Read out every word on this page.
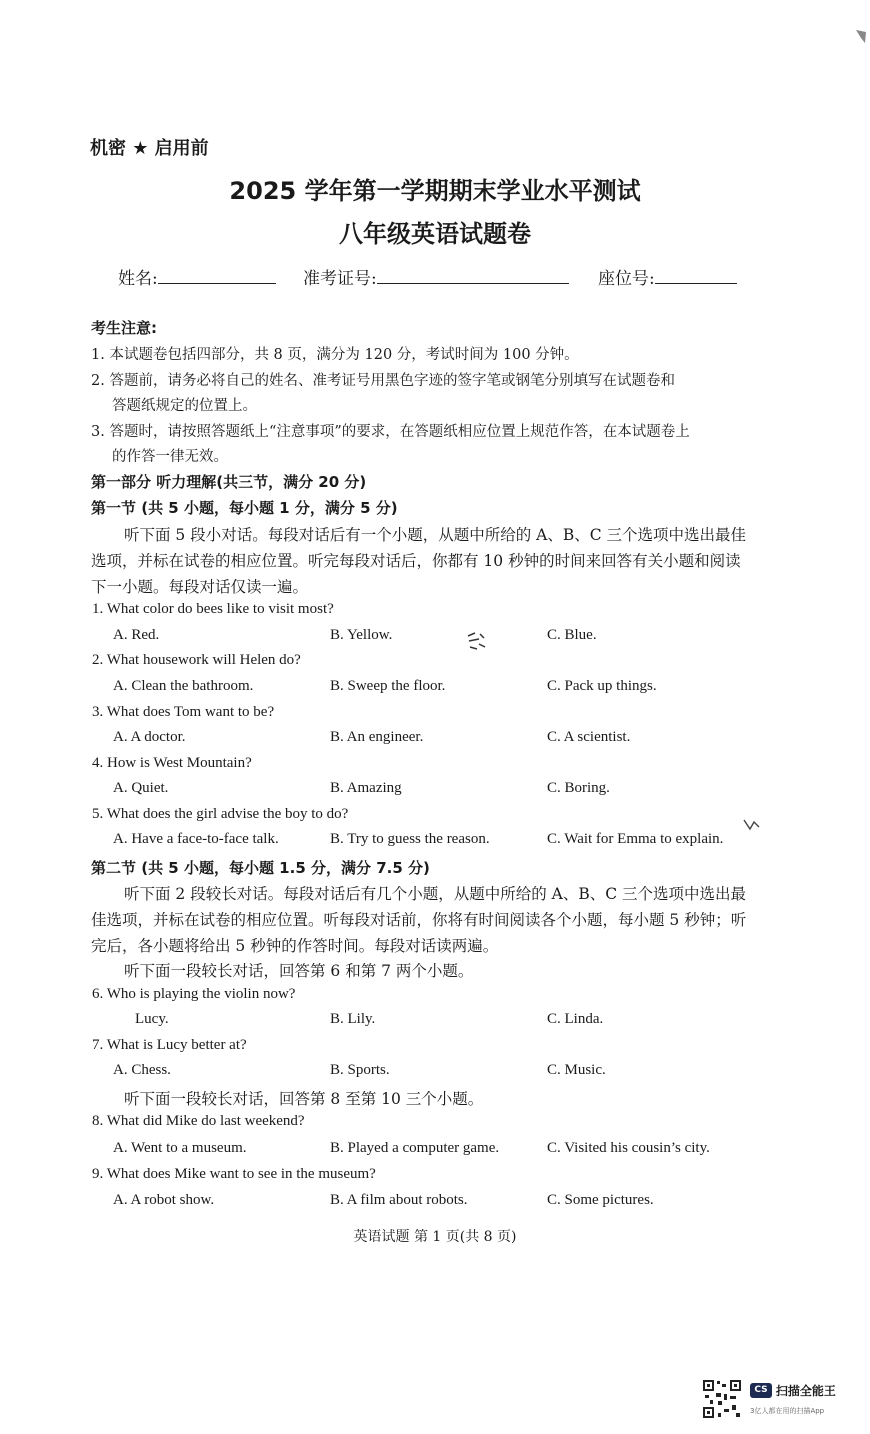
机密 ★ 启用前
2025 学年第一学期期末学业水平测试
八年级英语试题卷
姓名:	准考证号:	座位号:
考生注意:
1. 本试题卷包括四部分，共 8 页，满分为 120 分，考试时间为 100 分钟。
2. 答题前，请务必将自己的姓名、准考证号用黑色字迹的签字笔或钢笔分别填写在试题卷和
答题纸规定的位置上。
3. 答题时，请按照答题纸上“注意事项”的要求，在答题纸相应位置上规范作答，在本试题卷上
的作答一律无效。
第一部分 听力理解(共三节，满分 20 分)
第一节 (共 5 小题，每小题 1 分，满分 5 分)
听下面 5 段小对话。每段对话后有一个小题，从题中所给的 A、B、C 三个选项中选出最佳
选项，并标在试卷的相应位置。听完每段对话后，你都有 10 秒钟的时间来回答有关小题和阅读
下一小题。每段对话仅读一遍。
1. What color do bees like to visit most?
A. Red.	B. Yellow.	C. Blue.
2. What housework will Helen do?
A. Clean the bathroom.	B. Sweep the floor.	C. Pack up things.
3. What does Tom want to be?
A. A doctor.	B. An engineer.	C. A scientist.
4. How is West Mountain?
A. Quiet.	B. Amazing	C. Boring.
5. What does the girl advise the boy to do?
A. Have a face-to-face talk.	B. Try to guess the reason.	C. Wait for Emma to explain.
第二节 (共 5 小题，每小题 1.5 分，满分 7.5 分)
听下面 2 段较长对话。每段对话后有几个小题，从题中所给的 A、B、C 三个选项中选出最
佳选项，并标在试卷的相应位置。听每段对话前，你将有时间阅读各个小题，每小题 5 秒钟；听
完后，各小题将给出 5 秒钟的作答时间。每段对话读两遍。
听下面一段较长对话，回答第 6 和第 7 两个小题。
6. Who is playing the violin now?
Lucy.	B. Lily.	C. Linda.
7. What is Lucy better at?
A. Chess.	B. Sports.	C. Music.
听下面一段较长对话，回答第 8 至第 10 三个小题。
8. What did Mike do last weekend?
A. Went to a museum.	B. Played a computer game.	C. Visited his cousin’s city.
9. What does Mike want to see in the museum?
A. A robot show.	B. A film about robots.	C. Some pictures.
英语试题 第 1 页(共 8 页)
CS 扫描全能王
3亿人都在用的扫描App
